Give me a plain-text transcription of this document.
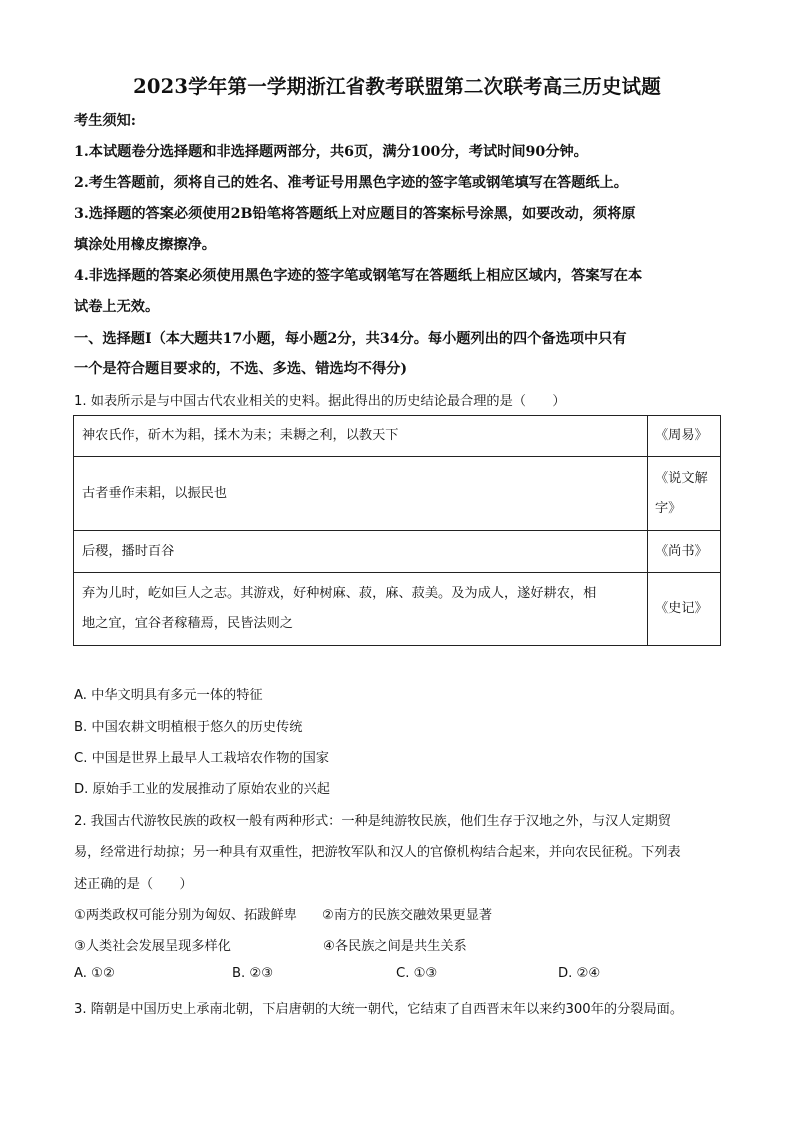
2023学年第一学期浙江省教考联盟第二次联考高三历史试题
考生须知:
1.本试题卷分选择题和非选择题两部分，共6页，满分100分，考试时间90分钟。
2.考生答题前，须将自己的姓名、准考证号用黑色字迹的签字笔或钢笔填写在答题纸上。
3.选择题的答案必须使用2B铅笔将答题纸上对应题目的答案标号涂黑，如要改动，须将原
填涂处用橡皮擦擦净。
4.非选择题的答案必须使用黑色字迹的签字笔或钢笔写在答题纸上相应区域内，答案写在本
试卷上无效。
一、选择题Ⅰ（本大题共17小题，每小题2分，共34分。每小题列出的四个备选项中只有
一个是符合题目要求的，不选、多选、错选均不得分)
1. 如表所示是与中国古代农业相关的史料。据此得出的历史结论最合理的是（　　）
神农氏作，斫木为耜，揉木为耒；耒耨之利，以教天下	《周易》
古者垂作耒耜，以振民也	《说文解
字》
后稷，播时百谷	《尚书》
弃为儿时，屹如巨人之志。其游戏，好种树麻、菽，麻、菽美。及为成人，遂好耕农，相
地之宜，宜谷者稼穑焉，民皆法则之	《史记》
A. 中华文明具有多元一体的特征
B. 中国农耕文明植根于悠久的历史传统
C. 中国是世界上最早人工栽培农作物的国家
D. 原始手工业的发展推动了原始农业的兴起
2. 我国古代游牧民族的政权一般有两种形式：一种是纯游牧民族，他们生存于汉地之外，与汉人定期贸
易，经常进行劫掠；另一种具有双重性，把游牧军队和汉人的官僚机构结合起来，并向农民征税。下列表
述正确的是（　　）
①两类政权可能分别为匈奴、拓跋鲜卑 ②南方的民族交融效果更显著
③人类社会发展呈现多样化	④各民族之间是共生关系
A. ①②	B. ②③	C. ①③	D. ②④
3. 隋朝是中国历史上承南北朝，下启唐朝的大统一朝代，它结束了自西晋末年以来约300年的分裂局面。
